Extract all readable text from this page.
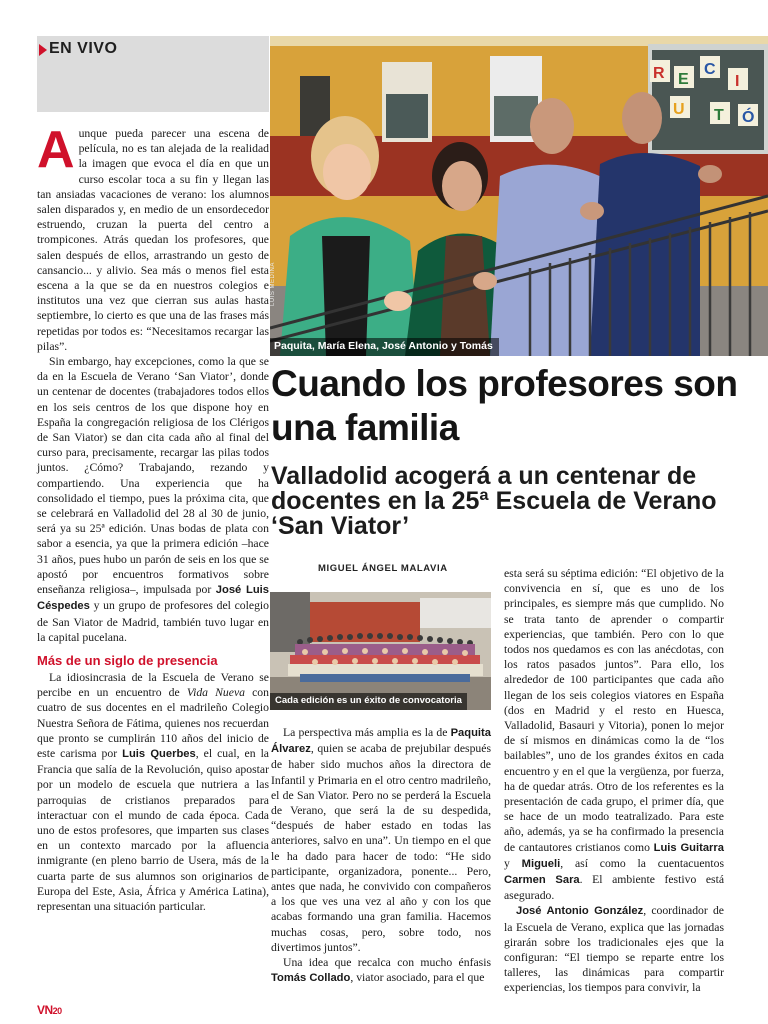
EN VIVO
R E
C
I
U T Ó
LUIS MEDINA
Paquita, María Elena, José Antonio y Tomás
Cuando los profesores son una familia
Valladolid acogerá a un centenar de docentes en la 25ª Escuela de Verano ‘San Viator’
MIGUEL ÁNGEL MALAVIA
Cada edición es un éxito de convocatoria

Aunque pueda parecer una escena de película, no es tan alejada de la realidad la imagen que evoca el día en que un curso escolar toca a su fin y llegan las tan ansiadas vacaciones de verano: los alumnos salen disparados y, en medio de un ensordecedor estruendo, cruzan la puerta del centro a trompicones. Atrás quedan los profesores, que salen después de ellos, arrastrando un gesto de cansancio... y alivio. Sea más o menos fiel esta escena a la que se da en nuestros colegios e institutos una vez que cierran sus aulas hasta septiembre, lo cierto es que una de las frases más repetidas por todos es: “Necesitamos recargar las pilas”.

Sin embargo, hay excepciones, como la que se da en la Escuela de Verano ‘San Viator’, donde un centenar de docentes (trabajadores todos ellos en los seis centros de los que dispone hoy en España la congregación religiosa de los Clérigos de San Viator) se dan cita cada año al final del curso para, precisamente, recargar las pilas todos juntos. ¿Cómo? Trabajando, rezando y compartiendo. Una experiencia que ha consolidado el tiempo, pues la próxima cita, que se celebrará en Valladolid del 28 al 30 de junio, será ya su 25ª edición. Unas bodas de plata con sabor a esencia, ya que la primera edición –hace 31 años, pues hubo un parón de seis en los que se apostó por encuentros formativos sobre enseñanza religiosa–, impulsada por José Luis Céspedes y un grupo de profesores del colegio de San Viator de Madrid, también tuvo lugar en la capital pucelana.

Más de un siglo de presencia

La idiosincrasia de la Escuela de Verano se percibe en un encuentro de Vida Nueva con cuatro de sus docentes en el madrileño Colegio Nuestra Señora de Fátima, quienes nos recuerdan que pronto se cumplirán 110 años del inicio de este carisma por Luis Querbes, el cual, en la Francia que salía de la Revolución, quiso apostar por un modelo de escuela que nutriera a las parroquias de cristianos preparados para interactuar con el mundo de cada época. Cada uno de estos profesores, que imparten sus clases en un contexto marcado por la afluencia inmigrante (en pleno barrio de Usera, más de la cuarta parte de sus alumnos son originarios de Europa del Este, Asia, África y América Latina), representan una situación particular.

La perspectiva más amplia es la de Paquita Álvarez, quien se acaba de prejubilar después de haber sido muchos años la directora de Infantil y Primaria en el otro centro madrileño, el de San Viator. Pero no se perderá la Escuela de Verano, que será la de su despedida, “después de haber estado en todas las anteriores, salvo en una”. Un tiempo en el que le ha dado para hacer de todo: “He sido participante, organizadora, ponente... Pero, antes que nada, he convivido con compañeros a los que ves una vez al año y con los que acabas formando una gran familia. Hacemos muchas cosas, pero, sobre todo, nos divertimos juntos”.

Una idea que recalca con mucho énfasis Tomás Collado, viator asociado, para el que

esta será su séptima edición: “El objetivo de la convivencia en sí, que es uno de los principales, es siempre más que cumplido. No se trata tanto de aprender o compartir experiencias, que también. Pero con lo que todos nos quedamos es con las anécdotas, con los ratos pasados juntos”. Para ello, los alrededor de 100 participantes que cada año llegan de los seis colegios viatores en España (dos en Madrid y el resto en Huesca, Valladolid, Basauri y Vitoria), ponen lo mejor de sí mismos en dinámicas como la de “los bailables”, uno de los grandes éxitos en cada encuentro y en el que la vergüenza, por fuerza, ha de quedar atrás. Otro de los referentes es la presentación de cada grupo, el primer día, que se hace de un modo teatralizado. Para este año, además, ya se ha confirmado la presencia de cantautores cristianos como Luis Guitarra y Migueli, así como la cuentacuentos Carmen Sara. El ambiente festivo está asegurado.

José Antonio González, coordinador de la Escuela de Verano, explica que las jornadas girarán sobre los tradicionales ejes que la configuran: “El tiempo se reparte entre los talleres, las dinámicas para compartir experiencias, los tiempos para convivir, la

VN20
